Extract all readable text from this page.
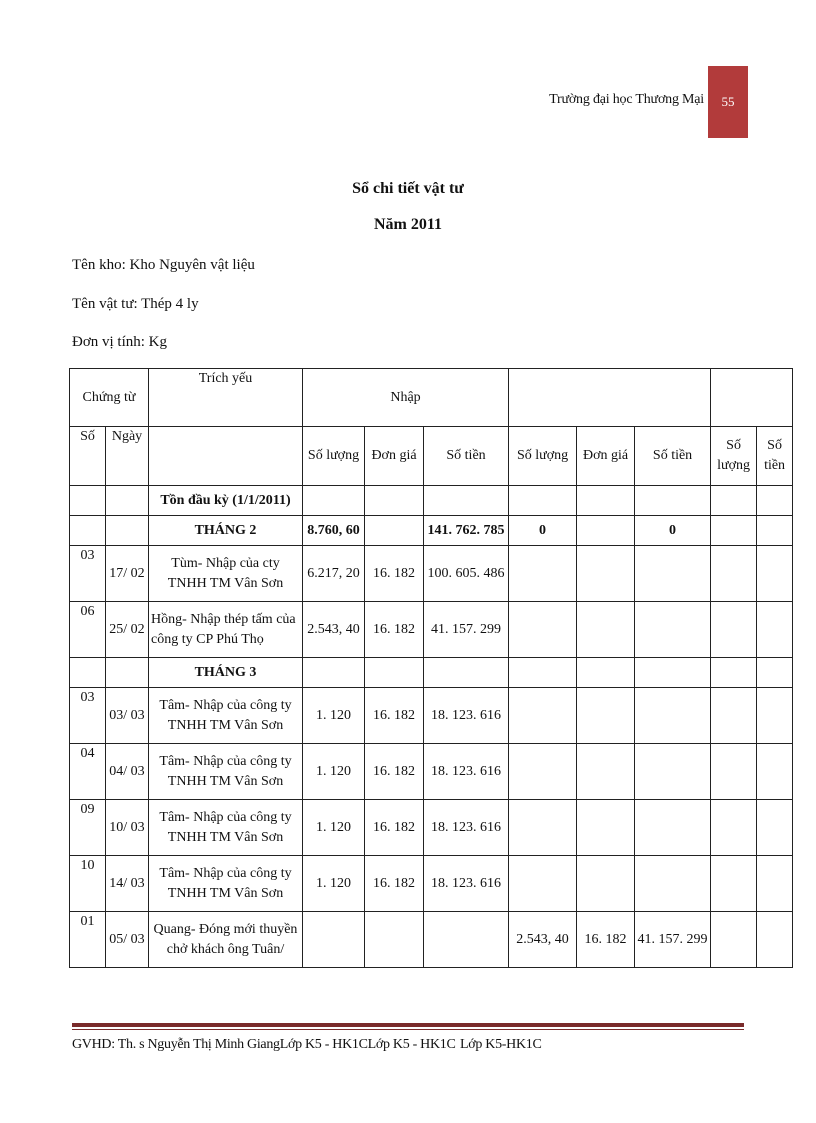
Trường đại học Thương Mại	55
Sổ chi tiết vật tư
Năm 2011
Tên kho: Kho Nguyên vật liệu
Tên vật tư: Thép 4 ly
Đơn vị tính: Kg
Chứng từ		Trích yếu	Nhập							
Số	Ngày		Số lượng	Đơn giá	Số tiền	Số lượng	Đơn giá	Số tiền	Số lượng	Số tiền
		Tồn đầu kỳ (1/1/2011)								
		THÁNG 2	8.760, 60		141. 762. 785	0		0		
03	17/ 02	Tùm- Nhập của cty TNHH TM Vân Sơn	6.217, 20	16. 182	100. 605. 486					
06	25/ 02	Hồng- Nhập thép tấm của công ty CP Phú Thọ	2.543, 40	16. 182	41. 157. 299					
		THÁNG 3								
03	03/ 03	Tâm- Nhập của công ty TNHH TM Vân Sơn	1. 120	16. 182	18. 123. 616					
04	04/ 03	Tâm- Nhập của công ty TNHH TM Vân Sơn	1. 120	16. 182	18. 123. 616					
09	10/ 03	Tâm- Nhập của công ty TNHH TM Vân Sơn	1. 120	16. 182	18. 123. 616					
10	14/ 03	Tâm- Nhập của công ty TNHH TM Vân Sơn	1. 120	16. 182	18. 123. 616					
01	05/ 03	Quang- Đóng mới thuyền chở khách ông Tuân/				2.543, 40	16. 182	41. 157. 299		
GVHD: Th. s Nguyễn Thị Minh GiangLớp K5 - HK1CLớp K5 - HK1C Lớp K5-HK1C
